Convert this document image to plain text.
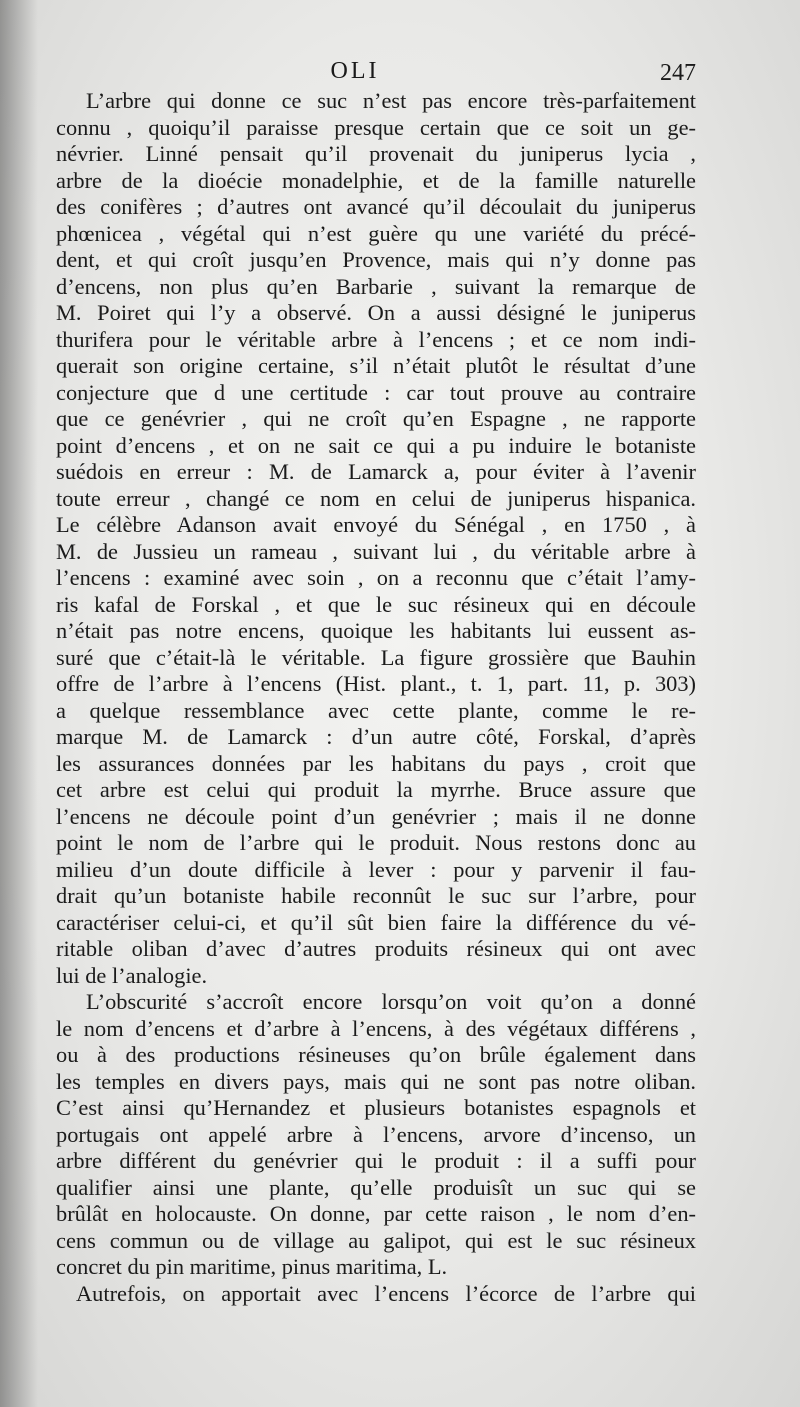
OLI	247
L’arbre qui donne ce suc n’est pas encore très-parfaitement
connu , quoiqu’il paraisse presque certain que ce soit un ge-
névrier. Linné pensait qu’il provenait du juniperus lycia ,
arbre de la dioécie monadelphie, et de la famille naturelle
des conifères ; d’autres ont avancé qu’il découlait du juniperus
phœnicea , végétal qui n’est guère qu une variété du précé-
dent, et qui croît jusqu’en Provence, mais qui n’y donne pas
d’encens, non plus qu’en Barbarie , suivant la remarque de
M. Poiret qui l’y a observé. On a aussi désigné le juniperus
thurifera pour le véritable arbre à l’encens ; et ce nom indi-
querait son origine certaine, s’il n’était plutôt le résultat d’une
conjecture que d une certitude : car tout prouve au contraire
que ce genévrier , qui ne croît qu’en Espagne , ne rapporte
point d’encens , et on ne sait ce qui a pu induire le botaniste
suédois en erreur : M. de Lamarck a, pour éviter à l’avenir
toute erreur , changé ce nom en celui de juniperus hispanica.
Le célèbre Adanson avait envoyé du Sénégal , en 1750 , à
M. de Jussieu un rameau , suivant lui , du véritable arbre à
l’encens : examiné avec soin , on a reconnu que c’était l’amy-
ris kafal de Forskal , et que le suc résineux qui en découle
n’était pas notre encens, quoique les habitants lui eussent as-
suré que c’était-là le véritable. La figure grossière que Bauhin
offre de l’arbre à l’encens (Hist. plant., t. 1, part. 11, p. 303)
a quelque ressemblance avec cette plante, comme le re-
marque M. de Lamarck : d’un autre côté, Forskal, d’après
les assurances données par les habitans du pays , croit que
cet arbre est celui qui produit la myrrhe. Bruce assure que
l’encens ne découle point d’un genévrier ; mais il ne donne
point le nom de l’arbre qui le produit. Nous restons donc au
milieu d’un doute difficile à lever : pour y parvenir il fau-
drait qu’un botaniste habile reconnût le suc sur l’arbre, pour
caractériser celui-ci, et qu’il sût bien faire la différence du vé-
ritable oliban d’avec d’autres produits résineux qui ont avec
lui de l’analogie.
L’obscurité s’accroît encore lorsqu’on voit qu’on a donné
le nom d’encens et d’arbre à l’encens, à des végétaux différens ,
ou à des productions résineuses qu’on brûle également dans
les temples en divers pays, mais qui ne sont pas notre oliban.
C’est ainsi qu’Hernandez et plusieurs botanistes espagnols et
portugais ont appelé arbre à l’encens, arvore d’incenso, un
arbre différent du genévrier qui le produit : il a suffi pour
qualifier ainsi une plante, qu’elle produisît un suc qui se
brûlât en holocauste. On donne, par cette raison , le nom d’en-
cens commun ou de village au galipot, qui est le suc résineux
concret du pin maritime, pinus maritima, L.
Autrefois, on apportait avec l’encens l’écorce de l’arbre qui
